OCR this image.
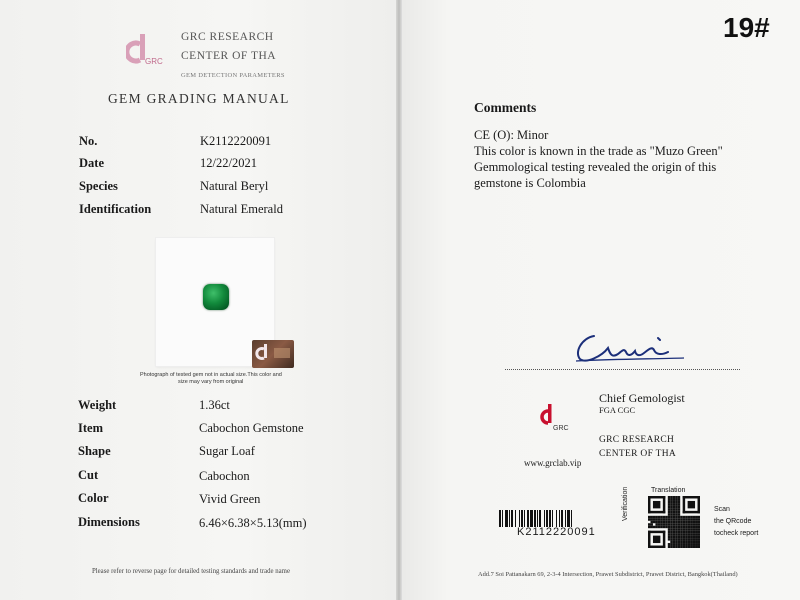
GRC

GRC RESEARCH
CENTER OF THA
GEM DETECTION PARAMETERS
GEM GRADING MANUAL
No.	K2112220091
Date	12/22/2021
Species	Natural Beryl
Identification	Natural Emerald
Photograph of tested gem not in actual size.This color and
size may vary from original
Weight	1.36ct
Item	Cabochon Gemstone
Shape	Sugar Loaf
Cut	Cabochon
Color	Vivid Green
Dimensions	6.46×6.38×5.13(mm)
Please refer to reverse page for detailed testing standards and trade name
19#
Comments
CE (O): Minor
This color is known in the trade as "Muzo Green"
Gemmological testing revealed the origin of this
gemstone is Colombia
GRC
www.grclab.vip
Chief Gemologist
FGA CGC
GRC RESEARCH
CENTER OF THA
K2112220091
Translation
Verification	Scan
the QRcode
tocheck report
Add.7 Soi Pattanakarn 69, 2-3-4 Intersection, Prawet Subdistrict, Prawet District, Bangkok(Thailand)
